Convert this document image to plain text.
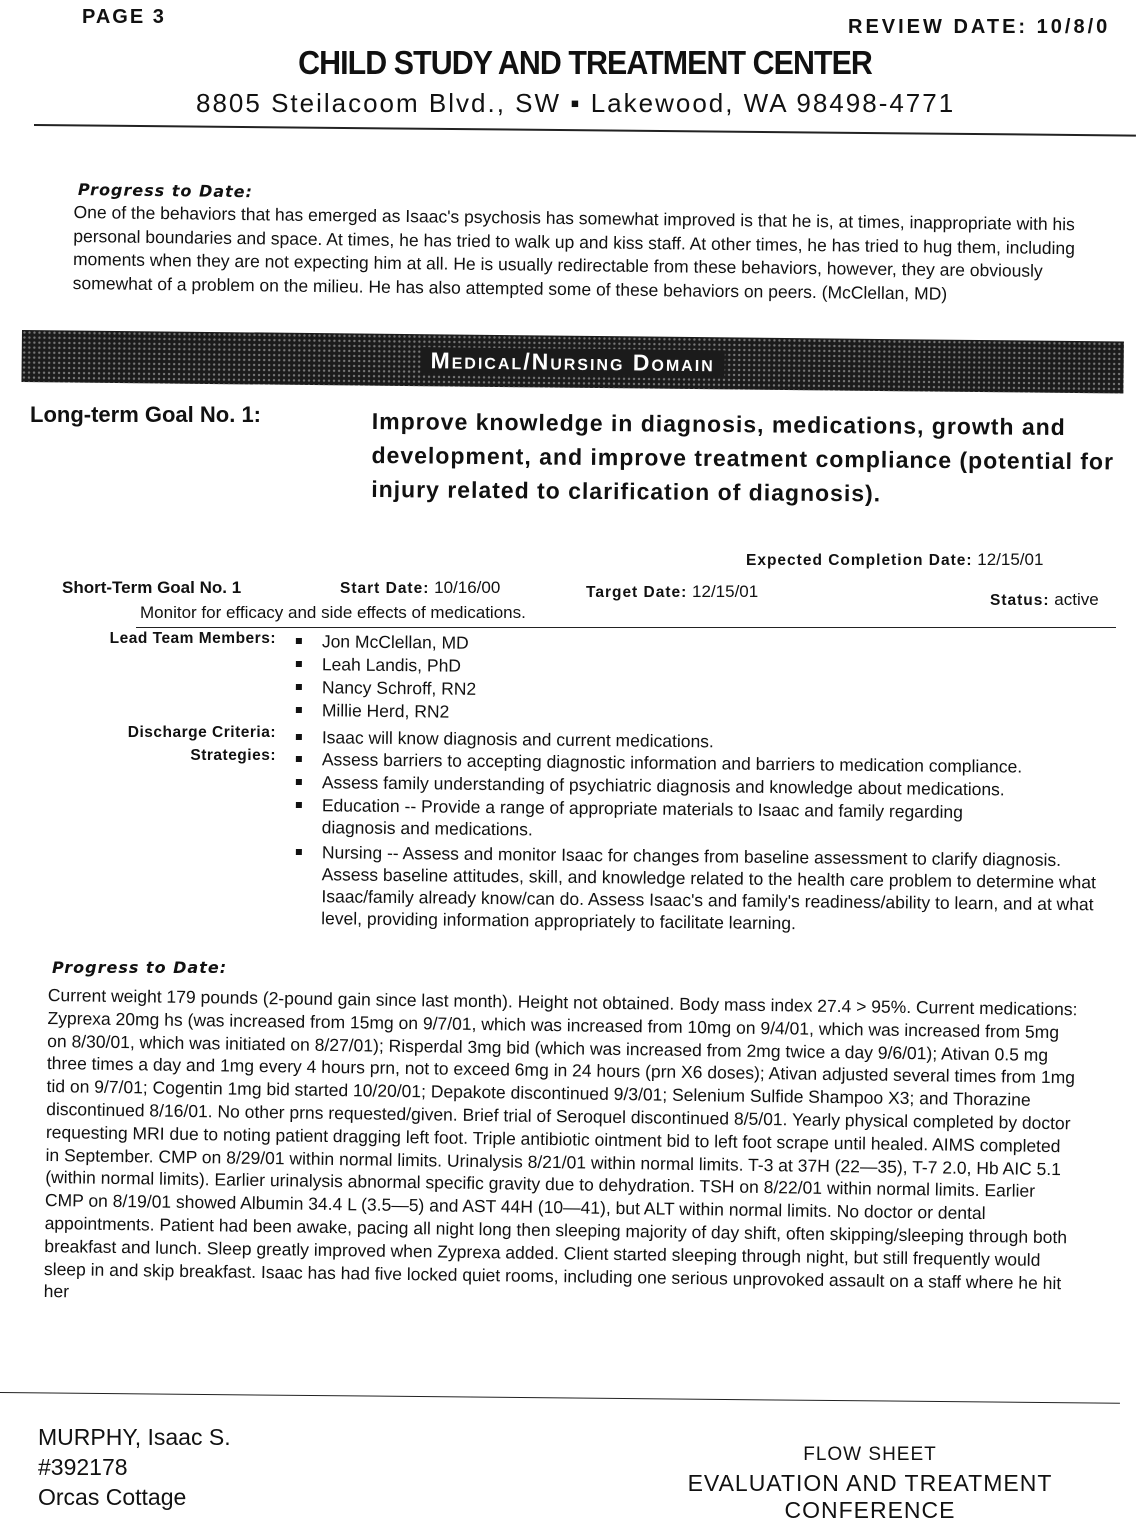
PAGE 3	REVIEW DATE: 10/8/0
CHILD STUDY AND TREATMENT CENTER
8805 Steilacoom Blvd., SW ▪ Lakewood, WA 98498-4771
Progress to Date:
One of the behaviors that has emerged as Isaac's psychosis has somewhat improved is that he is, at times, inappropriate with his personal boundaries and space. At times, he has tried to walk up and kiss staff. At other times, he has tried to hug them, including moments when they are not expecting him at all. He is usually redirectable from these behaviors, however, they are obviously somewhat of a problem on the milieu. He has also attempted some of these behaviors on peers. (McClellan, MD)
Medical/Nursing Domain
Long-term Goal No. 1:	Improve knowledge in diagnosis, medications, growth and development, and improve treatment compliance (potential for injury related to clarification of diagnosis).
Expected Completion Date: 12/15/01
Short-Term Goal No. 1	Start Date: 10/16/00	Target Date: 12/15/01	Status: active
Monitor for efficacy and side effects of medications.
Lead Team Members:	Jon McClellan, MD
Leah Landis, PhD
Nancy Schroff, RN2
Millie Herd, RN2
Discharge Criteria:	Isaac will know diagnosis and current medications.
Strategies:	Assess barriers to accepting diagnostic information and barriers to medication compliance.
Assess family understanding of psychiatric diagnosis and knowledge about medications.
Education -- Provide a range of appropriate materials to Isaac and family regarding diagnosis and medications.
Nursing -- Assess and monitor Isaac for changes from baseline assessment to clarify diagnosis. Assess baseline attitudes, skill, and knowledge related to the health care problem to determine what Isaac/family already know/can do. Assess Isaac's and family's readiness/ability to learn, and at what level, providing information appropriately to facilitate learning.
Progress to Date:
Current weight 179 pounds (2-pound gain since last month). Height not obtained. Body mass index 27.4 > 95%. Current medications: Zyprexa 20mg hs (was increased from 15mg on 9/7/01, which was increased from 10mg on 9/4/01, which was increased from 5mg on 8/30/01, which was initiated on 8/27/01); Risperdal 3mg bid (which was increased from 2mg twice a day 9/6/01); Ativan 0.5 mg three times a day and 1mg every 4 hours prn, not to exceed 6mg in 24 hours (prn X6 doses); Ativan adjusted several times from 1mg tid on 9/7/01; Cogentin 1mg bid started 10/20/01; Depakote discontinued 9/3/01; Selenium Sulfide Shampoo X3; and Thorazine discontinued 8/16/01. No other prns requested/given. Brief trial of Seroquel discontinued 8/5/01. Yearly physical completed by doctor requesting MRI due to noting patient dragging left foot. Triple antibiotic ointment bid to left foot scrape until healed. AIMS completed in September. CMP on 8/29/01 within normal limits. Urinalysis 8/21/01 within normal limits. T-3 at 37H (22—35), T-7 2.0, Hb AIC 5.1 (within normal limits). Earlier urinalysis abnormal specific gravity due to dehydration. TSH on 8/22/01 within normal limits. Earlier CMP on 8/19/01 showed Albumin 34.4 L (3.5—5) and AST 44H (10—41), but ALT within normal limits. No doctor or dental appointments. Patient had been awake, pacing all night long then sleeping majority of day shift, often skipping/sleeping through both breakfast and lunch. Sleep greatly improved when Zyprexa added. Client started sleeping through night, but still frequently would sleep in and skip breakfast. Isaac has had five locked quiet rooms, including one serious unprovoked assault on a staff where he hit her
MURPHY, Isaac S.
#392178
Orcas Cottage
FLOW SHEET
EVALUATION AND TREATMENT
CONFERENCE
